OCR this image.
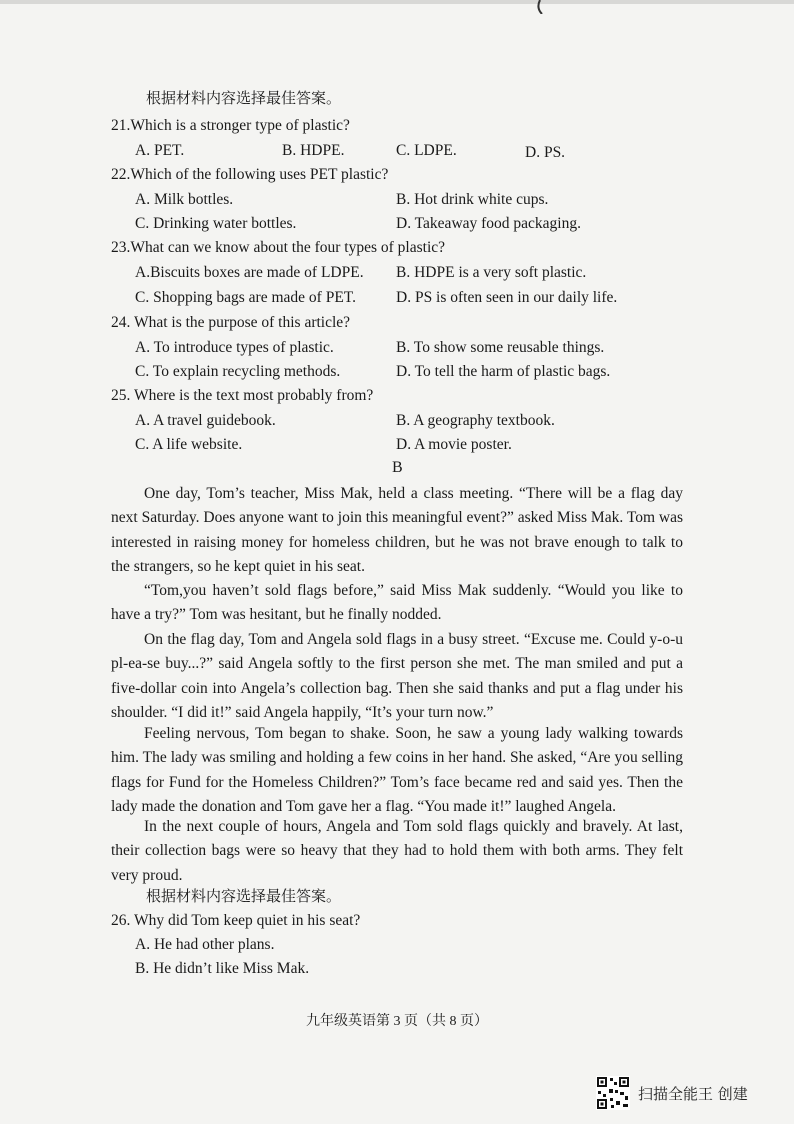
根据材料内容选择最佳答案。
21.Which is a stronger type of plastic?
A. PET.	B. HDPE.	C. LDPE.	D. PS.
22.Which of the following uses PET plastic?
A. Milk bottles.	B. Hot drink white cups.
C. Drinking water bottles.	D. Takeaway food packaging.
23.What can we know about the four types of plastic?
A.Biscuits boxes are made of LDPE. B. HDPE is a very soft plastic.
C. Shopping bags are made of PET.	D. PS is often seen in our daily life.
24. What is the purpose of this article?
A. To introduce types of plastic.	B. To show some reusable things.
C. To explain recycling methods.	D. To tell the harm of plastic bags.
25. Where is the text most probably from?
A. A travel guidebook.	B. A geography textbook.
C. A life website.	D. A movie poster.
B
One day, Tom’s teacher, Miss Mak, held a class meeting. “There will be a flag day next Saturday. Does anyone want to join this meaningful event?” asked Miss Mak. Tom was interested in raising money for homeless children, but he was not brave enough to talk to the strangers, so he kept quiet in his seat.
“Tom,you haven’t sold flags before,” said Miss Mak suddenly. “Would you like to have a try?” Tom was hesitant, but he finally nodded.
On the flag day, Tom and Angela sold flags in a busy street. “Excuse me. Could y-o-u pl-ea-se buy...?” said Angela softly to the first person she met. The man smiled and put a five-dollar coin into Angela’s collection bag. Then she said thanks and put a flag under his shoulder. “I did it!” said Angela happily, “It’s your turn now.”
Feeling nervous, Tom began to shake. Soon, he saw a young lady walking towards him. The lady was smiling and holding a few coins in her hand. She asked, “Are you selling flags for Fund for the Homeless Children?” Tom’s face became red and said yes. Then the lady made the donation and Tom gave her a flag. “You made it!” laughed Angela.
In the next couple of hours, Angela and Tom sold flags quickly and bravely. At last, their collection bags were so heavy that they had to hold them with both arms. They felt very proud.
根据材料内容选择最佳答案。
26. Why did Tom keep quiet in his seat?
A. He had other plans.
B. He didn’t like Miss Mak.
九年级英语第 3 页（共 8 页）
扫描全能王 创建
